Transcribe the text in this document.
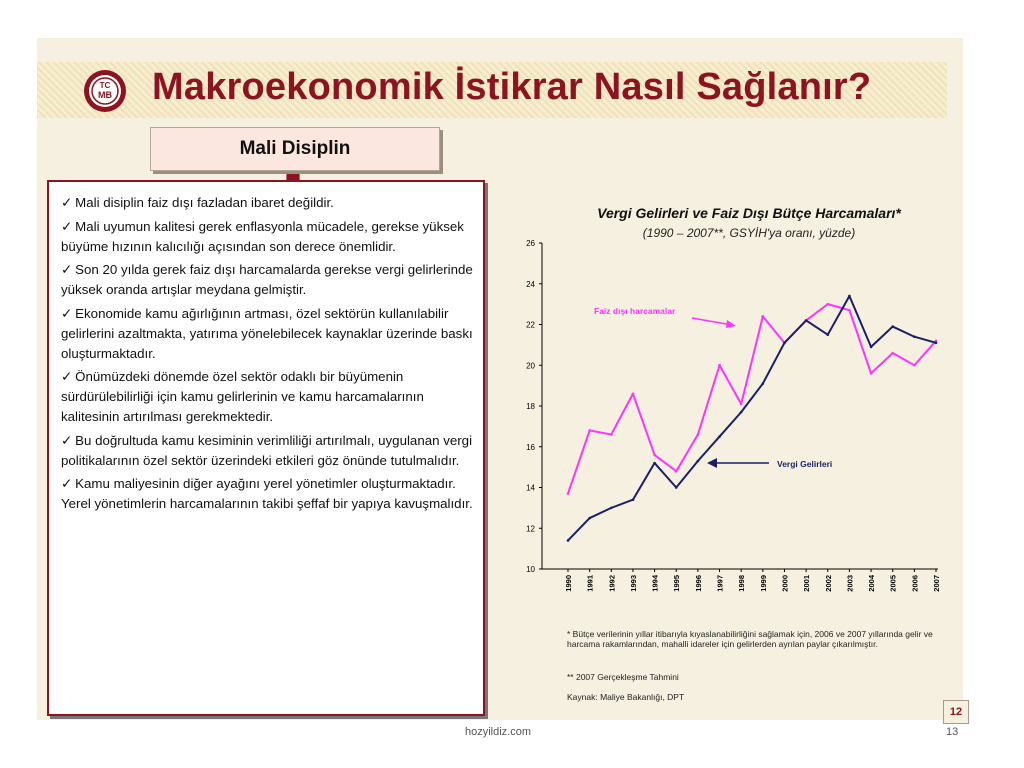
TC
MB Makroekonomik İstikrar Nasıl Sağlanır?
Mali Disiplin

✓ Mali disiplin faiz dışı fazladan ibaret değildir.

✓ Mali uyumun kalitesi gerek enflasyonla mücadele, gerekse yüksek büyüme hızının kalıcılığı açısından son derece önemlidir.

✓ Son 20 yılda gerek faiz dışı harcamalarda gerekse vergi gelirlerinde yüksek oranda artışlar meydana gelmiştir.

✓ Ekonomide kamu ağırlığının artması, özel sektörün kullanılabilir gelirlerini azaltmakta, yatırıma yönelebilecek kaynaklar üzerinde baskı oluşturmaktadır.

✓ Önümüzdeki dönemde özel sektör odaklı bir büyümenin sürdürülebilirliği için kamu gelirlerinin ve kamu harcamalarının kalitesinin artırılması gerekmektedir.

✓ Bu doğrultuda kamu kesiminin verimliliği artırılmalı, uygulanan vergi politikalarının özel sektör üzerindeki etkileri göz önünde tutulmalıdır.

✓ Kamu maliyesinin diğer ayağını yerel yönetimler oluşturmaktadır. Yerel yönetimlerin harcamalarının takibi şeffaf bir yapıya kavuşmalıdır.

Vergi Gelirleri ve Faiz Dışı Bütçe Harcamaları*
(1990 – 2007**, GSYİH'ya oranı, yüzde)
10
12
14
16
18
20
22
24
26
1990 1991 1992 1993 1994 1995 1996 1997 1998 1999 2000 2001 2002 2003 2004 2005 2006 2007
Faiz dışı harcamalar
Vergi Gelirleri
* Bütçe verilerinin yıllar itibarıyla kıyaslanabilirliğini sağlamak için, 2006 ve 2007 yıllarında gelir ve harcama rakamlarından, mahalli idareler için gelirlerden ayrılan paylar çıkarılmıştır.
** 2007 Gerçekleşme Tahmini
Kaynak: Maliye Bakanlığı, DPT
12
hozyildiz.com	13
